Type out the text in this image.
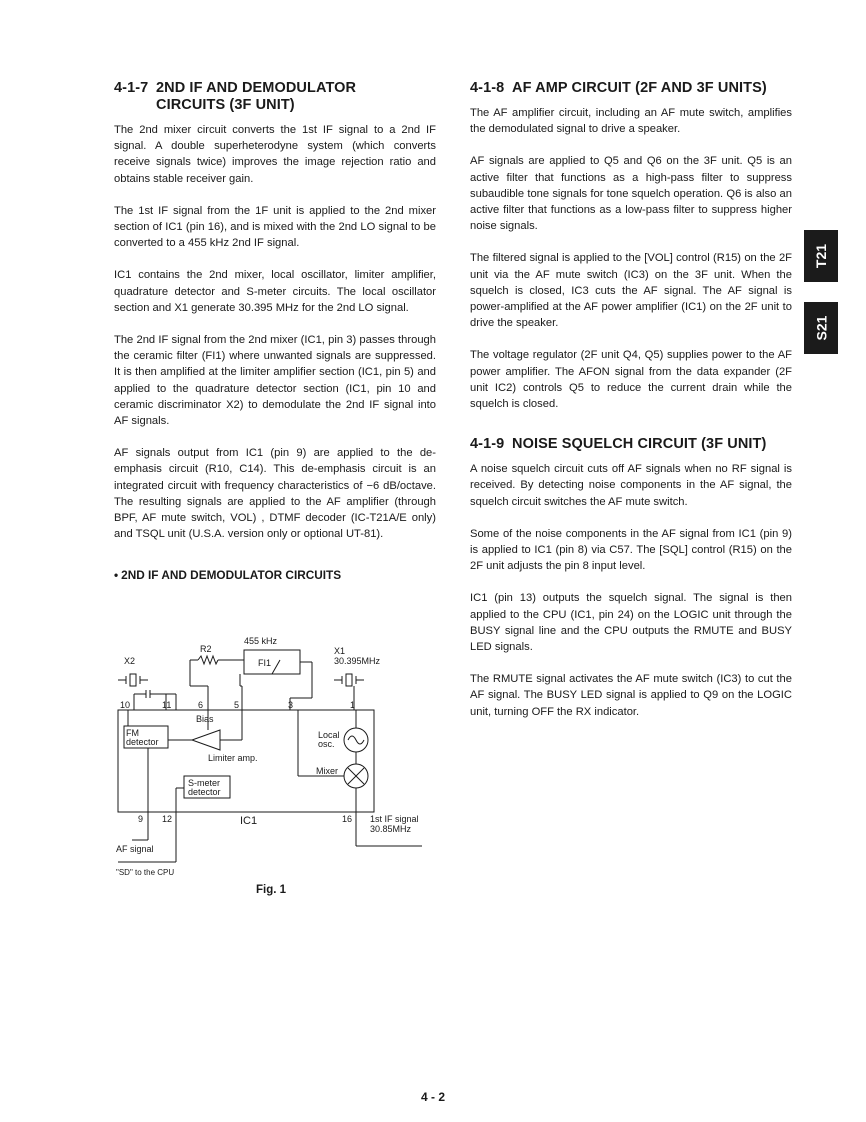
4-1-7 2ND IF AND DEMODULATOR
CIRCUITS (3F UNIT)

The 2nd mixer circuit converts the 1st IF signal to a 2nd IF signal. A double superheterodyne system (which converts receive signals twice) improves the image rejection ratio and obtains stable receiver gain.

The 1st IF signal from the 1F unit is applied to the 2nd mixer section of IC1 (pin 16), and is mixed with the 2nd LO signal to be converted to a 455 kHz 2nd IF signal.

IC1 contains the 2nd mixer, local oscillator, limiter amplifier, quadrature detector and S-meter circuits. The local oscillator section and X1 generate 30.395 MHz for the 2nd LO signal.

The 2nd IF signal from the 2nd mixer (IC1, pin 3) passes through the ceramic filter (FI1) where unwanted signals are suppressed. It is then amplified at the limiter amplifier section (IC1, pin 5) and applied to the quadrature detector section (IC1, pin 10 and ceramic discriminator X2) to demodulate the 2nd IF signal into AF signals.

AF signals output from IC1 (pin 9) are applied to the de-emphasis circuit (R10, C14). This de-emphasis circuit is an integrated circuit with frequency characteristics of −6 dB/octave. The resulting signals are applied to the AF amplifier (through BPF, AF mute switch, VOL) , DTMF decoder (IC-T21A/E only) and TSQL unit (U.S.A. version only or optional UT-81).

• 2ND IF AND DEMODULATOR CIRCUITS
455 kHz
R2
FI1
X1
30.395MHz
X2
10	11	6	5	3	1
Bias
FM
detector
Local
osc.
Limiter amp.
Mixer
S-meter
detector
9 12	IC1	16 1st IF signal
30.85MHz
AF signal
"SD" to the CPU
Fig. 1
4-1-8 AF AMP CIRCUIT (2F AND 3F UNITS)

The AF amplifier circuit, including an AF mute switch, amplifies the demodulated signal to drive a speaker.

AF signals are applied to Q5 and Q6 on the 3F unit. Q5 is an active filter that functions as a high-pass filter to suppress subaudible tone signals for tone squelch operation. Q6 is also an active filter that functions as a low-pass filter to suppress higher noise signals.

The filtered signal is applied to the [VOL] control (R15) on the 2F unit via the AF mute switch (IC3) on the 3F unit. When the squelch is closed, IC3 cuts the AF signal. The AF signal is power-amplified at the AF power amplifier (IC1) on the 2F unit to drive the speaker.

The voltage regulator (2F unit Q4, Q5) supplies power to the AF power amplifier. The AFON signal from the data expander (2F unit IC2) controls Q5 to reduce the current drain while the squelch is closed.

4-1-9 NOISE SQUELCH CIRCUIT (3F UNIT)

A noise squelch circuit cuts off AF signals when no RF signal is received. By detecting noise components in the AF signal, the squelch circuit switches the AF mute switch.

Some of the noise components in the AF signal from IC1 (pin 9) is applied to IC1 (pin 8) via C57. The [SQL] control (R15) on the 2F unit adjusts the pin 8 input level.

IC1 (pin 13) outputs the squelch signal. The signal is then applied to the CPU (IC1, pin 24) on the LOGIC unit through the BUSY signal line and the CPU outputs the RMUTE and BUSY LED signals.

The RMUTE signal activates the AF mute switch (IC3) to cut the AF signal. The BUSY LED signal is applied to Q9 on the LOGIC unit, turning OFF the RX indicator.

T21
S21
4 - 2
